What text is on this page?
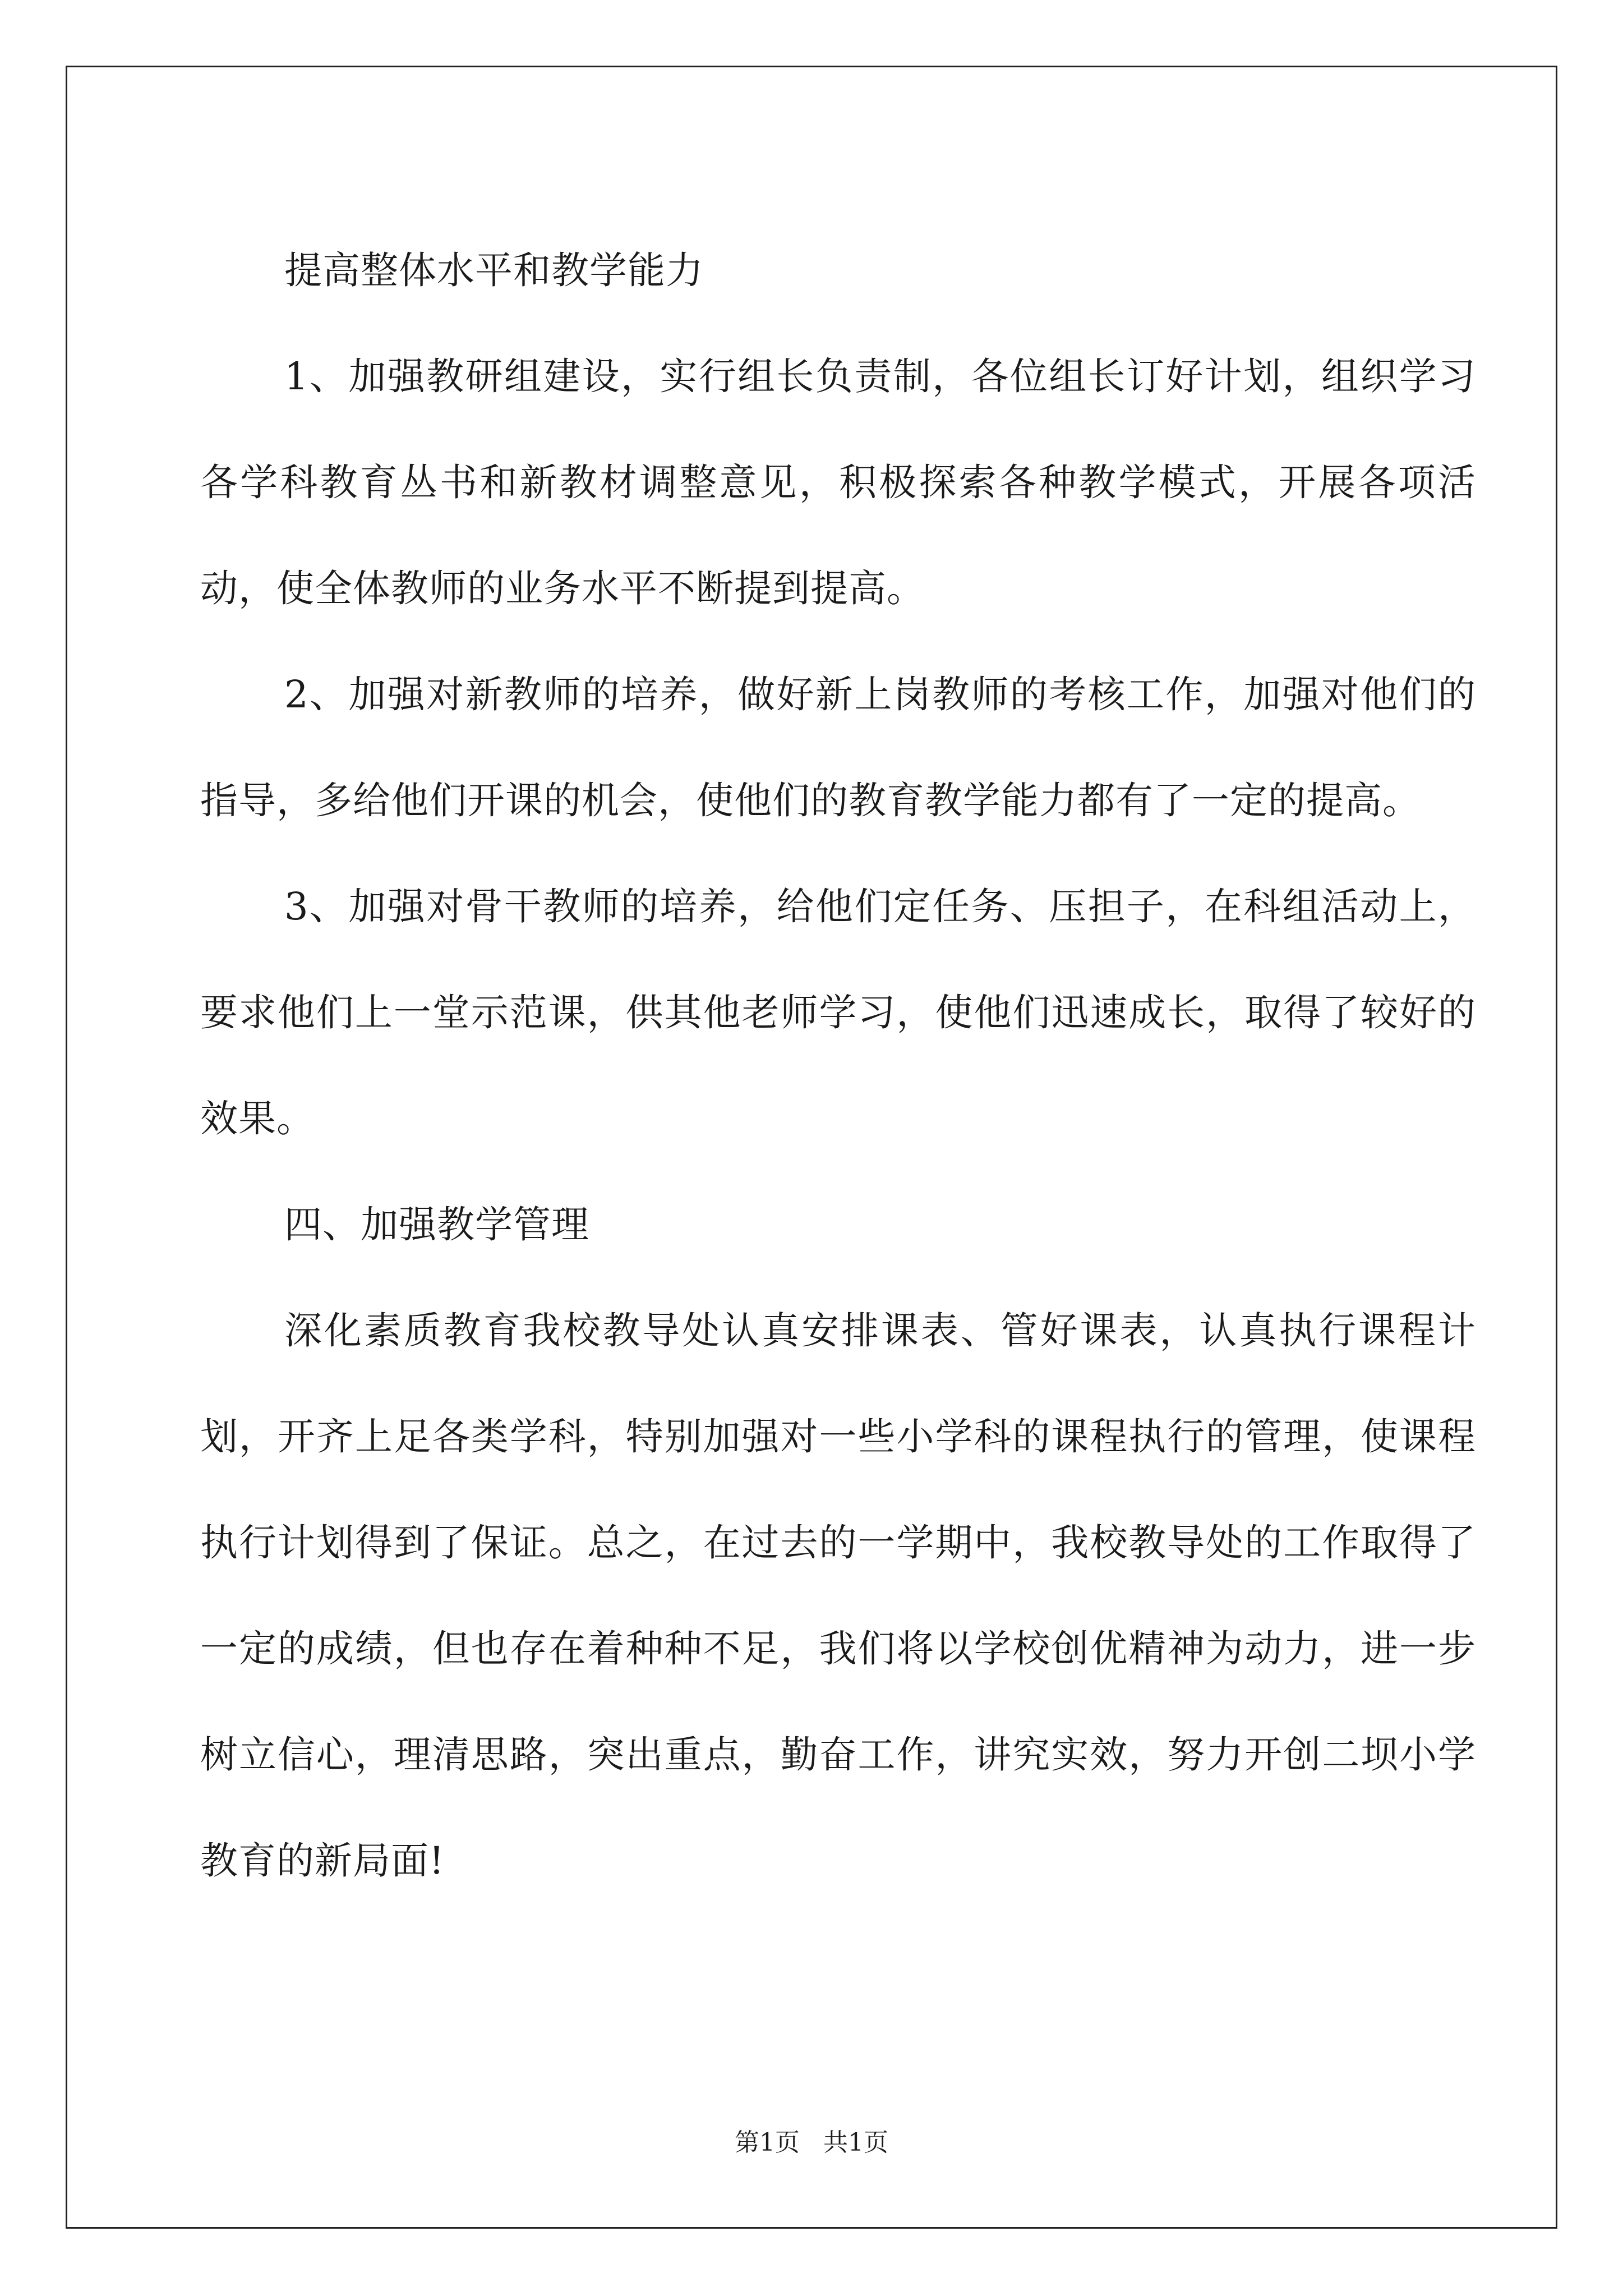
提高整体水平和教学能力

1、加强教研组建设，实行组长负责制，各位组长订好计划，组织学习各学科教育丛书和新教材调整意见，积极探索各种教学模式，开展各项活动，使全体教师的业务水平不断提到提高。

2、加强对新教师的培养，做好新上岗教师的考核工作，加强对他们的指导，多给他们开课的机会，使他们的教育教学能力都有了一定的提高。

3、加强对骨干教师的培养，给他们定任务、压担子，在科组活动上，要求他们上一堂示范课，供其他老师学习，使他们迅速成长，取得了较好的效果。

四、加强教学管理

深化素质教育我校教导处认真安排课表、管好课表，认真执行课程计划，开齐上足各类学科，特别加强对一些小学科的课程执行的管理，使课程执行计划得到了保证。总之，在过去的一学期中，我校教导处的工作取得了一定的成绩，但也存在着种种不足，我们将以学校创优精神为动力，进一步树立信心，理清思路，突出重点，勤奋工作，讲究实效，努力开创二坝小学教育的新局面!

第1页   共1页
